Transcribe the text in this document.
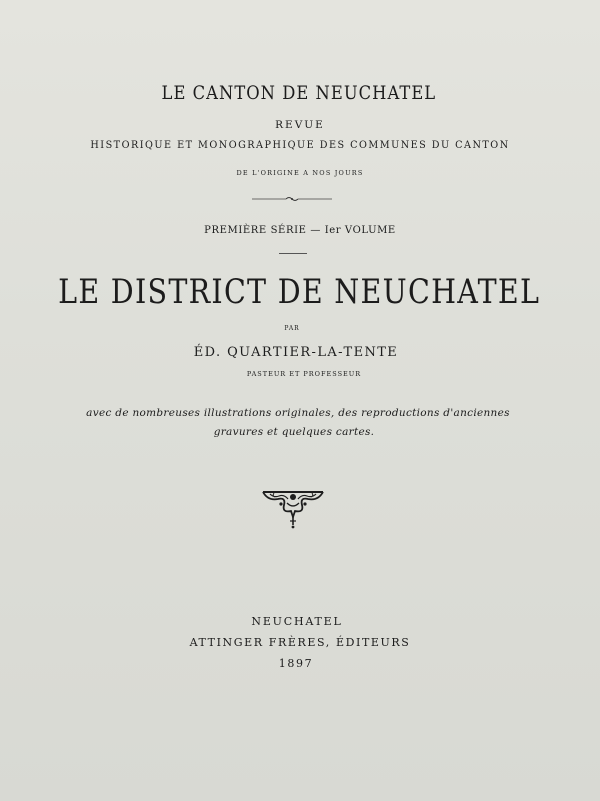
LE CANTON DE NEUCHATEL
REVUE
HISTORIQUE ET MONOGRAPHIQUE DES COMMUNES DU CANTON
DE L'ORIGINE A NOS JOURS
PREMIÈRE SÉRIE — Ier VOLUME
LE DISTRICT DE NEUCHATEL
PAR
ÉD. QUARTIER-LA-TENTE
PASTEUR ET PROFESSEUR
avec de nombreuses illustrations originales, des reproductions d'anciennes
gravures et quelques cartes.
NEUCHATEL
ATTINGER FRÈRES, ÉDITEURS
1897
